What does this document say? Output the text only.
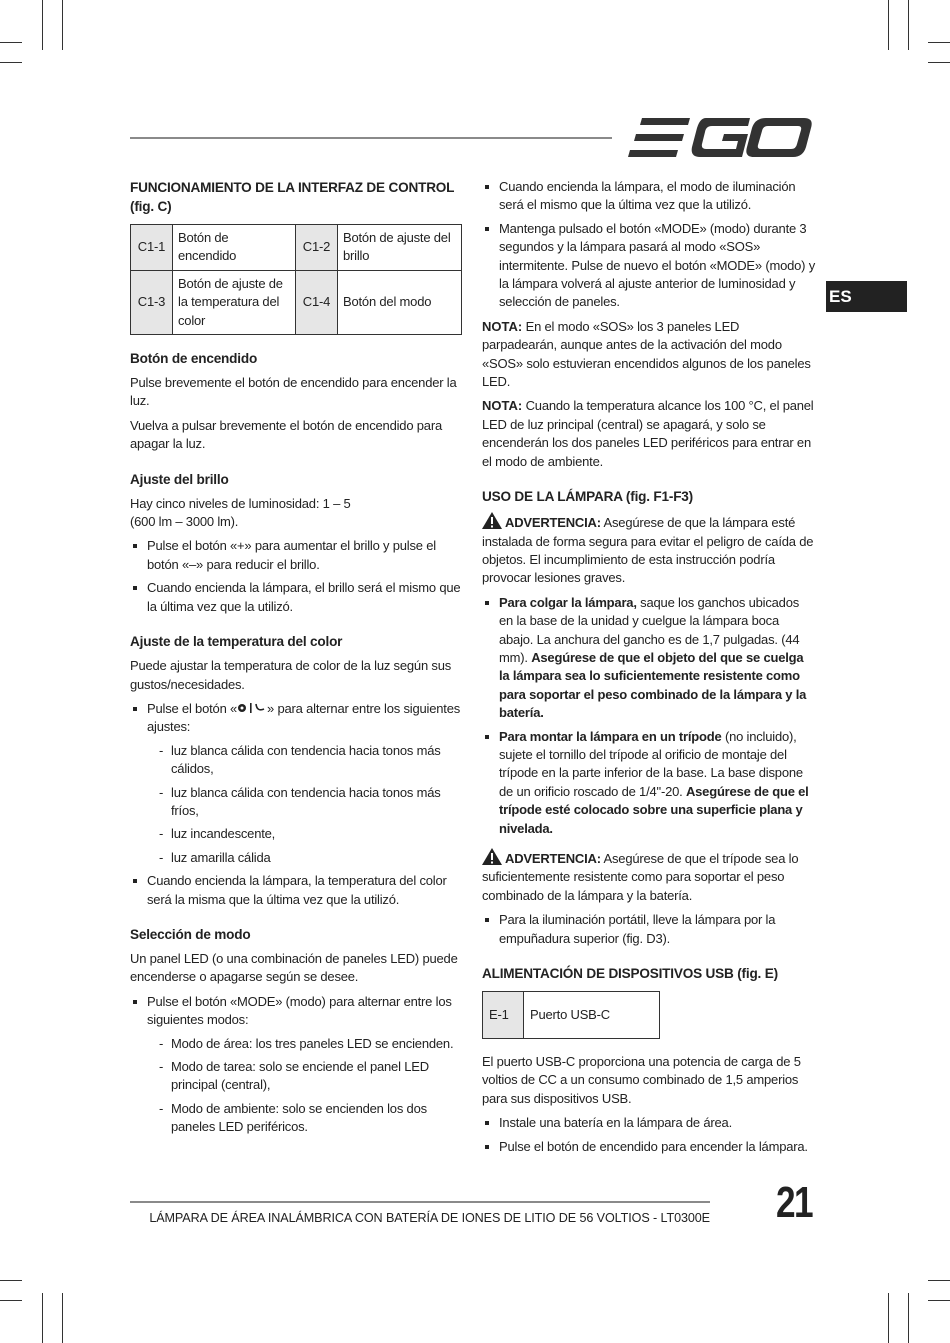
ES
FUNCIONAMIENTO DE LA INTERFAZ DE CONTROL (fig. C)
C1-1	Botón de encendido	C1-2	Botón de ajuste del brillo
C1-3	Botón de ajuste de la temperatura del color	C1-4	Botón del modo
Botón de encendido

Pulse brevemente el botón de encendido para encender la luz.

Vuelva a pulsar brevemente el botón de encendido para apagar la luz.

Ajuste del brillo

Hay cinco niveles de luminosidad: 1 – 5
(600 lm – 3000 lm).

Pulse el botón «+» para aumentar el brillo y pulse el botón «–» para reducir el brillo.
Cuando encienda la lámpara, el brillo será el mismo que la última vez que la utilizó.
Ajuste de la temperatura del color

Puede ajustar la temperatura de color de la luz según sus gustos/necesidades.

Pulse el botón « » para alternar entre los siguientes ajustes:
- luz blanca cálida con tendencia hacia tonos más cálidos,
- luz blanca cálida con tendencia hacia tonos más fríos,
- luz incandescente,
- luz amarilla cálida
Cuando encienda la lámpara, la temperatura del color será la misma que la última vez que la utilizó.
Selección de modo

Un panel LED (o una combinación de paneles LED) puede encenderse o apagarse según se desee.

Pulse el botón «MODE» (modo) para alternar entre los siguientes modos:
- Modo de área: los tres paneles LED se encienden.
- Modo de tarea: solo se enciende el panel LED principal (central),
- Modo de ambiente: solo se encienden los dos paneles LED periféricos.
Cuando encienda la lámpara, el modo de iluminación será el mismo que la última vez que la utilizó.
Mantenga pulsado el botón «MODE» (modo) durante 3 segundos y la lámpara pasará al modo «SOS» intermitente. Pulse de nuevo el botón «MODE» (modo) y la lámpara volverá al ajuste anterior de luminosidad y selección de paneles.

NOTA: En el modo «SOS» los 3 paneles LED parpadearán, aunque antes de la activación del modo «SOS» solo estuvieran encendidos algunos de los paneles LED.

NOTA: Cuando la temperatura alcance los 100 °C, el panel LED de luz principal (central) se apagará, y solo se encenderán los dos paneles LED periféricos para entrar en el modo de ambiente.

USO DE LA LÁMPARA (fig. F1-F3)

ADVERTENCIA: Asegúrese de que la lámpara esté instalada de forma segura para evitar el peligro de caída de objetos. El incumplimiento de esta instrucción podría provocar lesiones graves.

Para colgar la lámpara, saque los ganchos ubicados en la base de la unidad y cuelgue la lámpara boca abajo. La anchura del gancho es de 1,7 pulgadas. (44 mm). Asegúrese de que el objeto del que se cuelga la lámpara sea lo suficientemente resistente como para soportar el peso combinado de la lámpara y la batería.
Para montar la lámpara en un trípode (no incluido), sujete el tornillo del trípode al orificio de montaje del trípode en la parte inferior de la base. La base dispone de un orificio roscado de 1/4"-20. Asegúrese de que el trípode esté colocado sobre una superficie plana y nivelada.

ADVERTENCIA: Asegúrese de que el trípode sea lo suficientemente resistente como para soportar el peso combinado de la lámpara y la batería.

Para la iluminación portátil, lleve la lámpara por la empuñadura superior (fig. D3).
ALIMENTACIÓN DE DISPOSITIVOS USB (fig. E)
E-1	Puerto USB-C

El puerto USB-C proporciona una potencia de carga de 5 voltios de CC a un consumo combinado de 1,5 amperios para sus dispositivos USB.

Instale una batería en la lámpara de área.
Pulse el botón de encendido para encender la lámpara.
LÁMPARA DE ÁREA INALÁMBRICA CON BATERÍA DE IONES DE LITIO DE 56 VOLTIOS - LT0300E 21
